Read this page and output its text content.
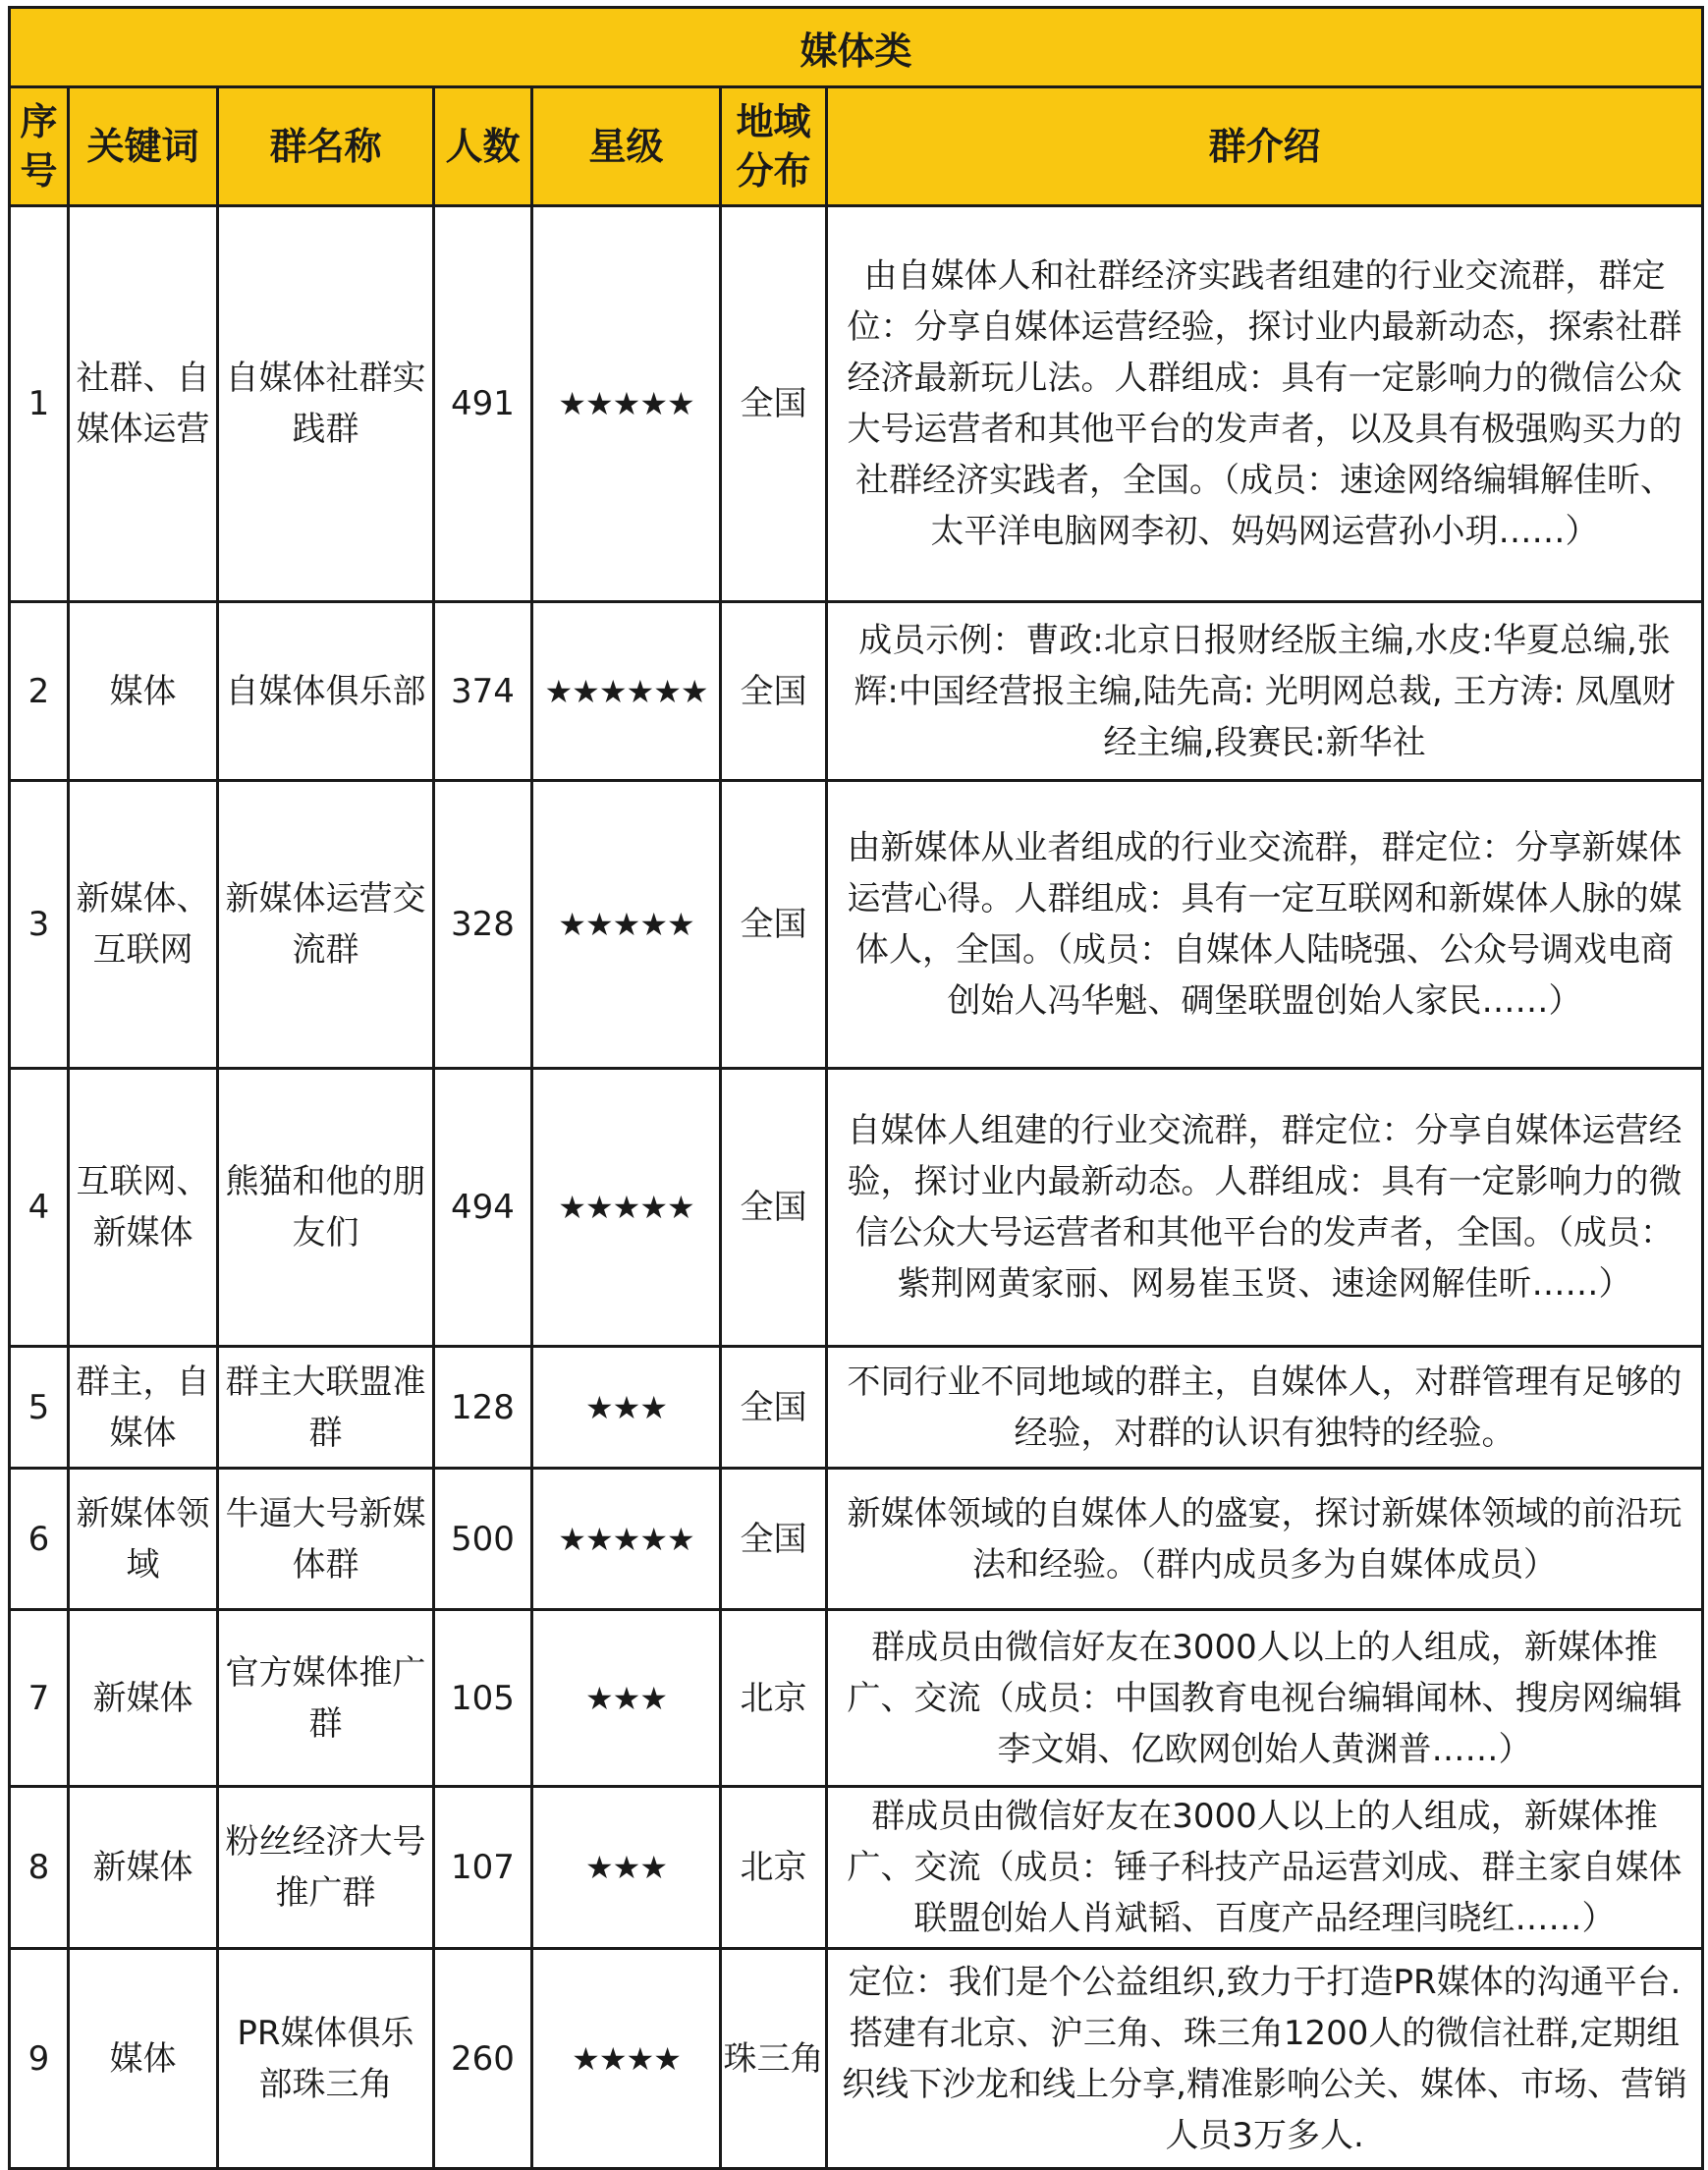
媒体类						
序号	关键词	群名称	人数	星级	地域分布	群介绍
1	社群、自媒体运营	自媒体社群实践群	491	★★★★★	全国	由自媒体人和社群经济实践者组建的行业交流群，群定位：分享自媒体运营经验，探讨业内最新动态，探索社群经济最新玩儿法。人群组成：具有一定影响力的微信公众大号运营者和其他平台的发声者，以及具有极强购买力的社群经济实践者，全国。（成员：速途网络编辑解佳昕、太平洋电脑网李初、妈妈网运营孙小玥……）
2	媒体	自媒体俱乐部	374	★★★★★★	全国	成员示例：曹政:北京日报财经版主编,水皮:华夏总编,张辉:中国经营报主编,陆先高: 光明网总裁, 王方涛: 凤凰财经主编,段赛民:新华社
3	新媒体、互联网	新媒体运营交流群	328	★★★★★	全国	由新媒体从业者组成的行业交流群，群定位：分享新媒体运营心得。人群组成：具有一定互联网和新媒体人脉的媒体人，全国。（成员：自媒体人陆晓强、公众号调戏电商创始人冯华魁、碉堡联盟创始人家民……）
4	互联网、新媒体	熊猫和他的朋友们	494	★★★★★	全国	自媒体人组建的行业交流群，群定位：分享自媒体运营经验，探讨业内最新动态。人群组成：具有一定影响力的微信公众大号运营者和其他平台的发声者，全国。（成员：紫荆网黄家丽、网易崔玉贤、速途网解佳昕……）
5	群主，自媒体	群主大联盟准群	128	★★★	全国	不同行业不同地域的群主，自媒体人，对群管理有足够的经验，对群的认识有独特的经验。
6	新媒体领域	牛逼大号新媒体群	500	★★★★★	全国	新媒体领域的自媒体人的盛宴，探讨新媒体领域的前沿玩法和经验。（群内成员多为自媒体成员）
7	新媒体	官方媒体推广群	105	★★★	北京	群成员由微信好友在3000人以上的人组成，新媒体推广、交流（成员：中国教育电视台编辑闻林、搜房网编辑李文娟、亿欧网创始人黄渊普……）
8	新媒体	粉丝经济大号推广群	107	★★★	北京	群成员由微信好友在3000人以上的人组成，新媒体推广、交流（成员：锤子科技产品运营刘成、群主家自媒体联盟创始人肖斌韬、百度产品经理闫晓红……）
9	媒体	PR媒体俱乐部珠三角	260	★★★★	珠三角	定位：我们是个公益组织,致力于打造PR媒体的沟通平台.搭建有北京、沪三角、珠三角1200人的微信社群,定期组织线下沙龙和线上分享,精准影响公关、媒体、市场、营销人员3万多人.
